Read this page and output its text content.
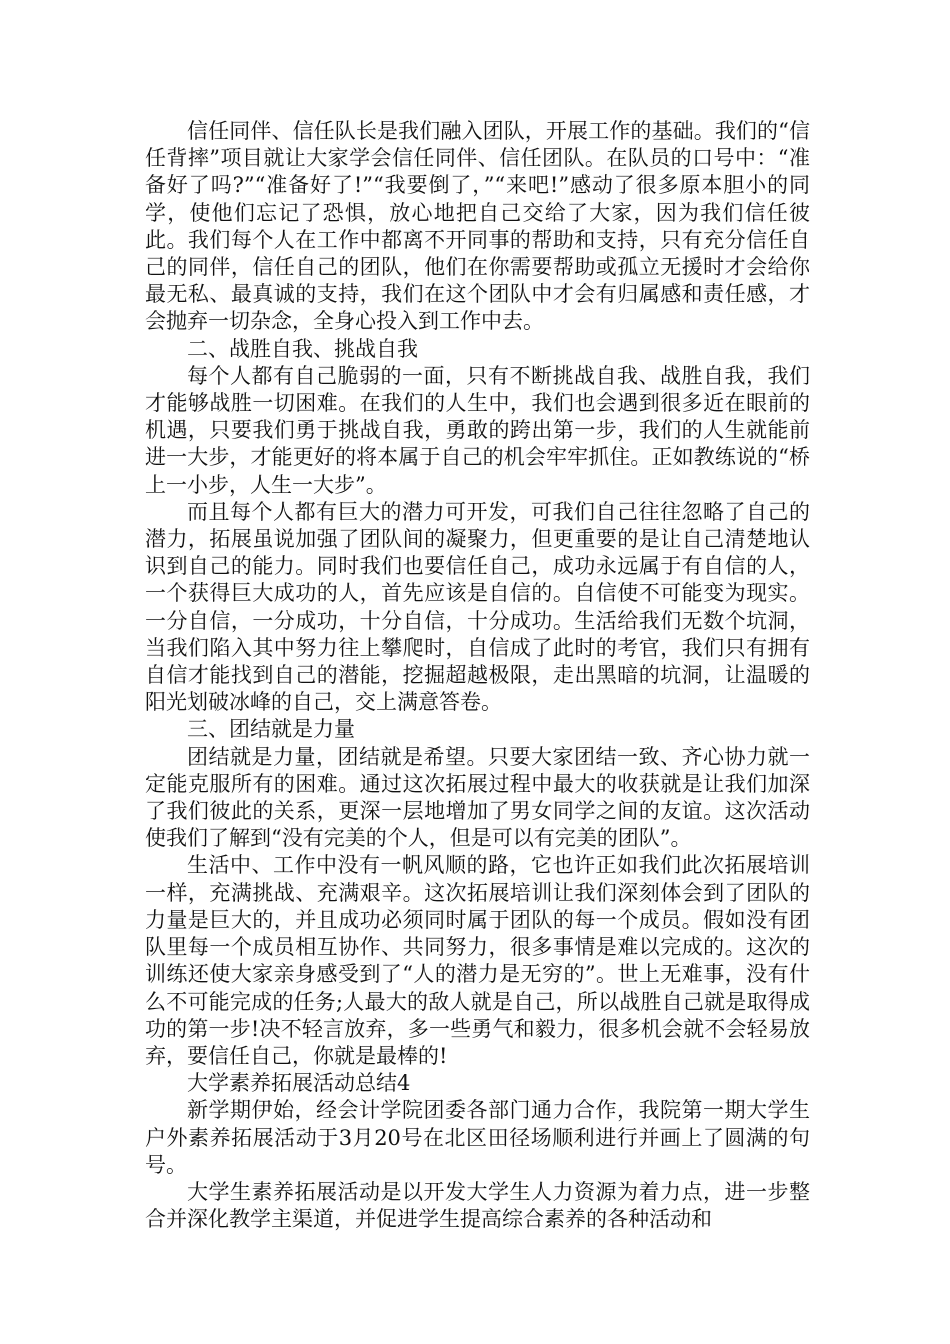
信任同伴、信任队长是我们融入团队，开展工作的基础。我们的“信任背摔”项目就让大家学会信任同伴、信任团队。在队员的口号中：“准备好了吗?”“准备好了!”“我要倒了，”“来吧!”感动了很多原本胆小的同学，使他们忘记了恐惧，放心地把自己交给了大家，因为我们信任彼此。我们每个人在工作中都离不开同事的帮助和支持，只有充分信任自己的同伴，信任自己的团队，他们在你需要帮助或孤立无援时才会给你最无私、最真诚的支持，我们在这个团队中才会有归属感和责任感，才会抛弃一切杂念，全身心投入到工作中去。

二、战胜自我、挑战自我

每个人都有自己脆弱的一面，只有不断挑战自我、战胜自我，我们才能够战胜一切困难。在我们的人生中，我们也会遇到很多近在眼前的机遇，只要我们勇于挑战自我，勇敢的跨出第一步，我们的人生就能前进一大步，才能更好的将本属于自己的机会牢牢抓住。正如教练说的“桥上一小步，人生一大步”。

而且每个人都有巨大的潜力可开发，可我们自己往往忽略了自己的潜力，拓展虽说加强了团队间的凝聚力，但更重要的是让自己清楚地认识到自己的能力。同时我们也要信任自己，成功永远属于有自信的人，一个获得巨大成功的人，首先应该是自信的。自信使不可能变为现实。一分自信，一分成功，十分自信，十分成功。生活给我们无数个坑洞，当我们陷入其中努力往上攀爬时，自信成了此时的考官，我们只有拥有自信才能找到自己的潜能，挖掘超越极限，走出黑暗的坑洞，让温暖的阳光划破冰峰的自己，交上满意答卷。

三、团结就是力量

团结就是力量，团结就是希望。只要大家团结一致、齐心协力就一定能克服所有的困难。通过这次拓展过程中最大的收获就是让我们加深了我们彼此的关系，更深一层地增加了男女同学之间的友谊。这次活动使我们了解到“没有完美的个人，但是可以有完美的团队”。

生活中、工作中没有一帆风顺的路，它也许正如我们此次拓展培训一样，充满挑战、充满艰辛。这次拓展培训让我们深刻体会到了团队的力量是巨大的，并且成功必须同时属于团队的每一个成员。假如没有团队里每一个成员相互协作、共同努力，很多事情是难以完成的。这次的训练还使大家亲身感受到了“人的潜力是无穷的”。世上无难事，没有什么不可能完成的任务;人最大的敌人就是自己，所以战胜自己就是取得成功的第一步!决不轻言放弃，多一些勇气和毅力，很多机会就不会轻易放弃，要信任自己，你就是最棒的!

大学素养拓展活动总结4

新学期伊始，经会计学院团委各部门通力合作，我院第一期大学生户外素养拓展活动于3月20号在北区田径场顺利进行并画上了圆满的句号。

大学生素养拓展活动是以开发大学生人力资源为着力点，进一步整合并深化教学主渠道，并促进学生提高综合素养的各种活动和
